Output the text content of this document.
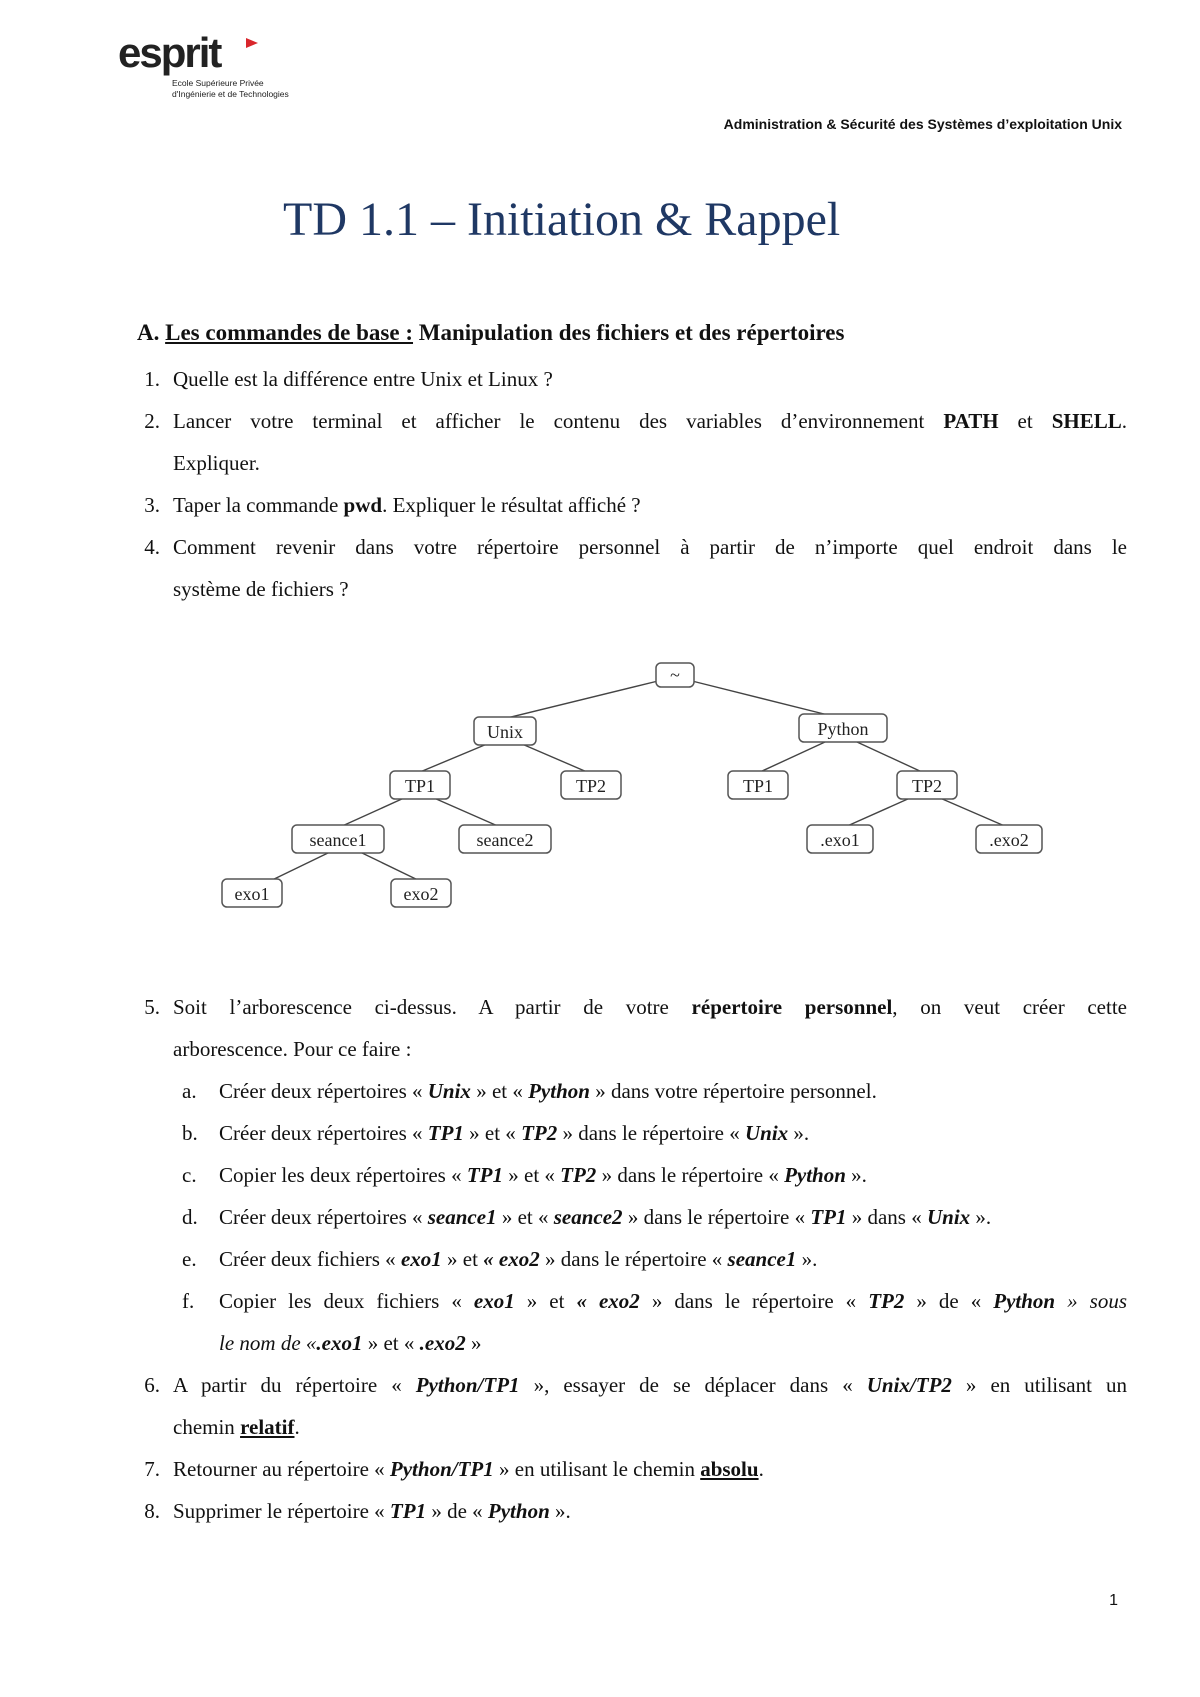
esprit
Ecole Supérieure Privée
d'Ingénierie et de Technologies
Administration & Sécurité des Systèmes d’exploitation Unix
TD 1.1 – Initiation & Rappel
A. Les commandes de base : Manipulation des fichiers et des répertoires
1. Quelle est la différence entre Unix et Linux ?
2. Lancer votre terminal et afficher le contenu des variables d’environnement PATH et SHELL.
Expliquer.
3. Taper la commande pwd. Expliquer le résultat affiché ?
4. Comment revenir dans votre répertoire personnel à partir de n’importe quel endroit dans le
système de fichiers ?
~
Unix	Python
TP1	TP2	TP1	TP2
seance1	seance2	.exo1	.exo2
exo1	exo2
5. Soit l’arborescence ci-dessus. A partir de votre répertoire personnel, on veut créer cette
arborescence. Pour ce faire :
a. Créer deux répertoires « Unix » et « Python » dans votre répertoire personnel.
b. Créer deux répertoires « TP1 » et « TP2 » dans le répertoire « Unix ».
c. Copier les deux répertoires « TP1 » et « TP2 » dans le répertoire « Python ».
d. Créer deux répertoires « seance1 » et « seance2 » dans le répertoire « TP1 » dans « Unix ».
e. Créer deux fichiers « exo1 » et « exo2 » dans le répertoire « seance1 ».
f. Copier les deux fichiers « exo1 » et « exo2 » dans le répertoire « TP2 » de « Python » sous
le nom de «.exo1 » et « .exo2 »
6. A partir du répertoire « Python/TP1 », essayer de se déplacer dans « Unix/TP2 » en utilisant un
chemin relatif.
7. Retourner au répertoire « Python/TP1 » en utilisant le chemin absolu.
8. Supprimer le répertoire « TP1 » de « Python ».
1
